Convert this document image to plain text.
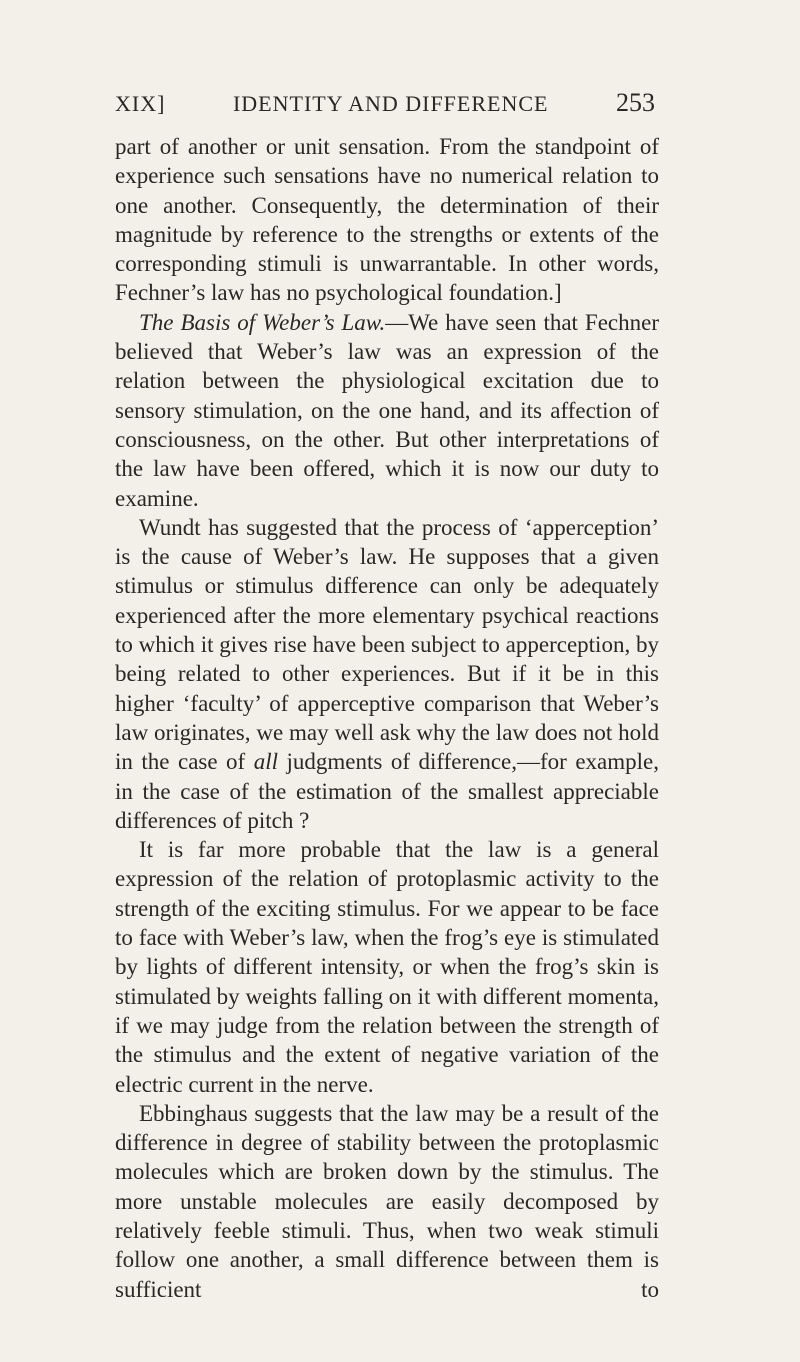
XIX]	IDENTITY AND DIFFERENCE	253

part of another or unit sensation. From the standpoint of experience such sensations have no numerical relation to one another. Consequently, the determination of their magnitude by reference to the strengths or extents of the corresponding stimuli is unwarrantable. In other words, Fechner’s law has no psychological foundation.]

The Basis of Weber’s Law.—We have seen that Fechner believed that Weber’s law was an expression of the relation between the physiological excitation due to sensory stimulation, on the one hand, and its affection of consciousness, on the other. But other interpretations of the law have been offered, which it is now our duty to examine.

Wundt has suggested that the process of ‘apperception’ is the cause of Weber’s law. He supposes that a given stimulus or stimulus difference can only be adequately experienced after the more elementary psychical reactions to which it gives rise have been subject to apperception, by being related to other experiences. But if it be in this higher ‘faculty’ of apperceptive comparison that Weber’s law originates, we may well ask why the law does not hold in the case of all judgments of difference,—for example, in the case of the estimation of the smallest appreciable differences of pitch ?

It is far more probable that the law is a general expression of the relation of protoplasmic activity to the strength of the exciting stimulus. For we appear to be face to face with Weber’s law, when the frog’s eye is stimulated by lights of different intensity, or when the frog’s skin is stimulated by weights falling on it with different momenta, if we may judge from the relation between the strength of the stimulus and the extent of negative variation of the electric current in the nerve.

Ebbinghaus suggests that the law may be a result of the difference in degree of stability between the protoplasmic molecules which are broken down by the stimulus. The more unstable molecules are easily decomposed by relatively feeble stimuli. Thus, when two weak stimuli follow one another, a small difference between them is sufficient to
